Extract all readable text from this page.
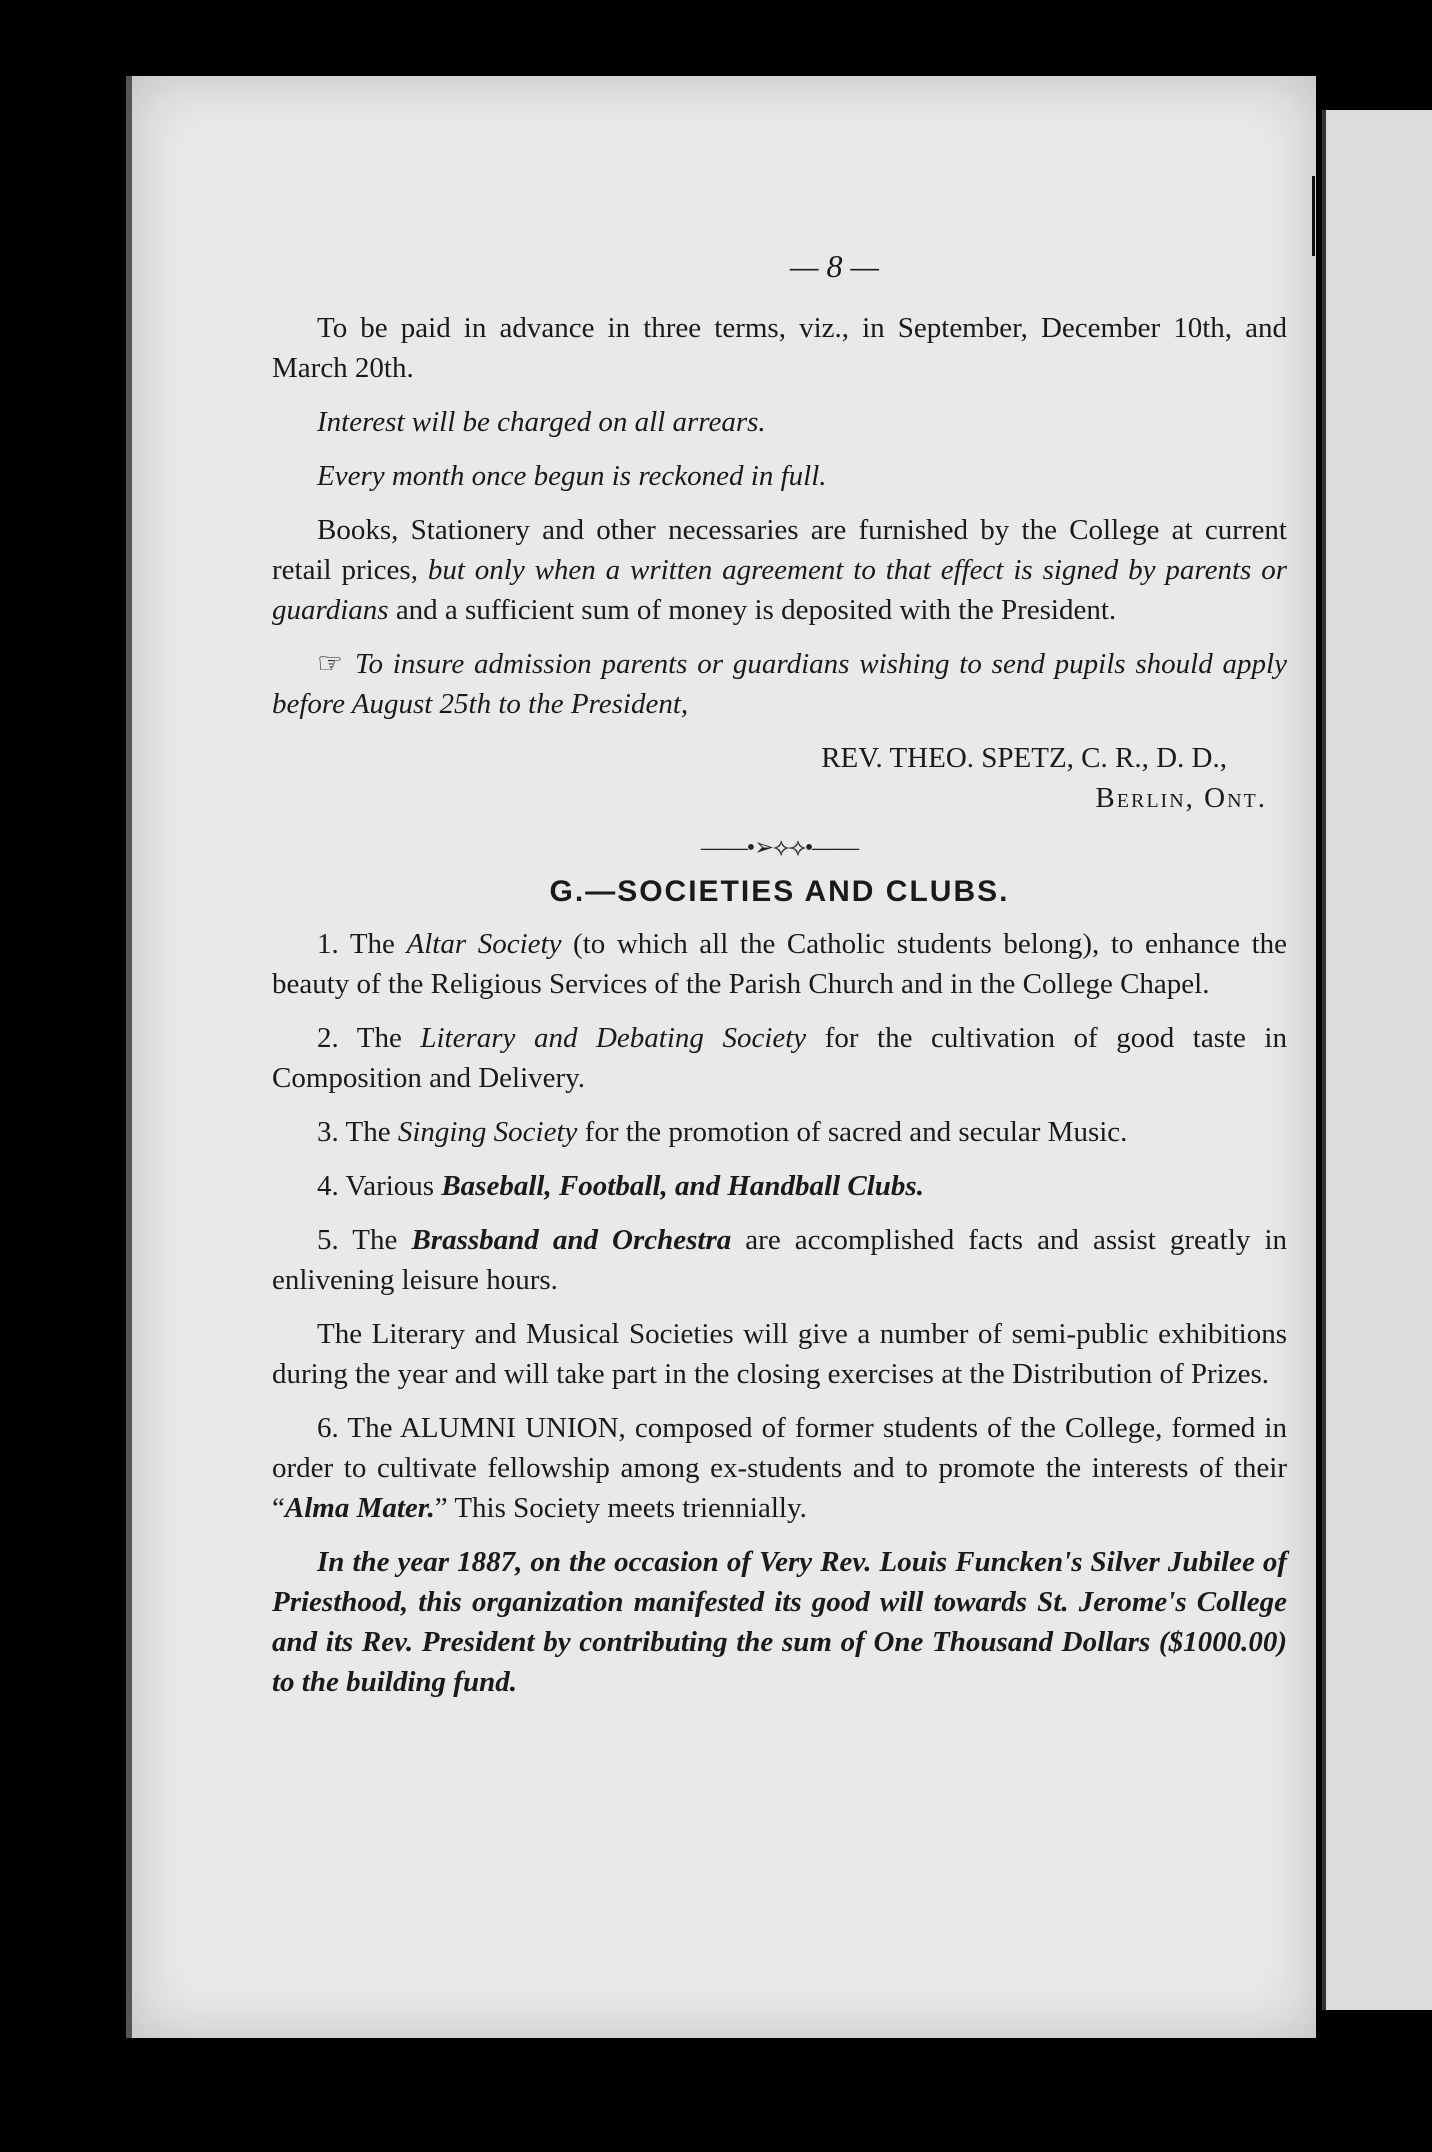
— 8 —

To be paid in advance in three terms, viz., in September, December 10th, and March 20th.

Interest will be charged on all arrears.

Every month once begun is reckoned in full.

Books, Stationery and other necessaries are furnished by the College at current retail prices, but only when a written agreement to that effect is signed by parents or guardians and a sufficient sum of money is deposited with the President.

☞ To insure admission parents or guardians wishing to send pupils should apply before August 25th to the President,

REV. THEO. SPETZ, C. R., D. D.,
Berlin, Ont.
——•➢⟡⟢•——
G.—SOCIETIES AND CLUBS.

1. The Altar Society (to which all the Catholic students belong), to enhance the beauty of the Religious Services of the Parish Church and in the College Chapel.

2. The Literary and Debating Society for the cultivation of good taste in Composition and Delivery.

3. The Singing Society for the promotion of sacred and secular Music.

4. Various Baseball, Football, and Handball Clubs.

5. The Brassband and Orchestra are accomplished facts and assist greatly in enlivening leisure hours.

The Literary and Musical Societies will give a number of semi-public exhibitions during the year and will take part in the closing exercises at the Distribution of Prizes.

6. The ALUMNI UNION, composed of former students of the College, formed in order to cultivate fellowship among ex-students and to promote the interests of their “Alma Mater.” This Society meets triennially.

In the year 1887, on the occasion of Very Rev. Louis Funcken's Silver Jubilee of Priesthood, this organization manifested its good will towards St. Jerome's College and its Rev. President by contributing the sum of One Thousand Dollars ($1000.00) to the building fund.
